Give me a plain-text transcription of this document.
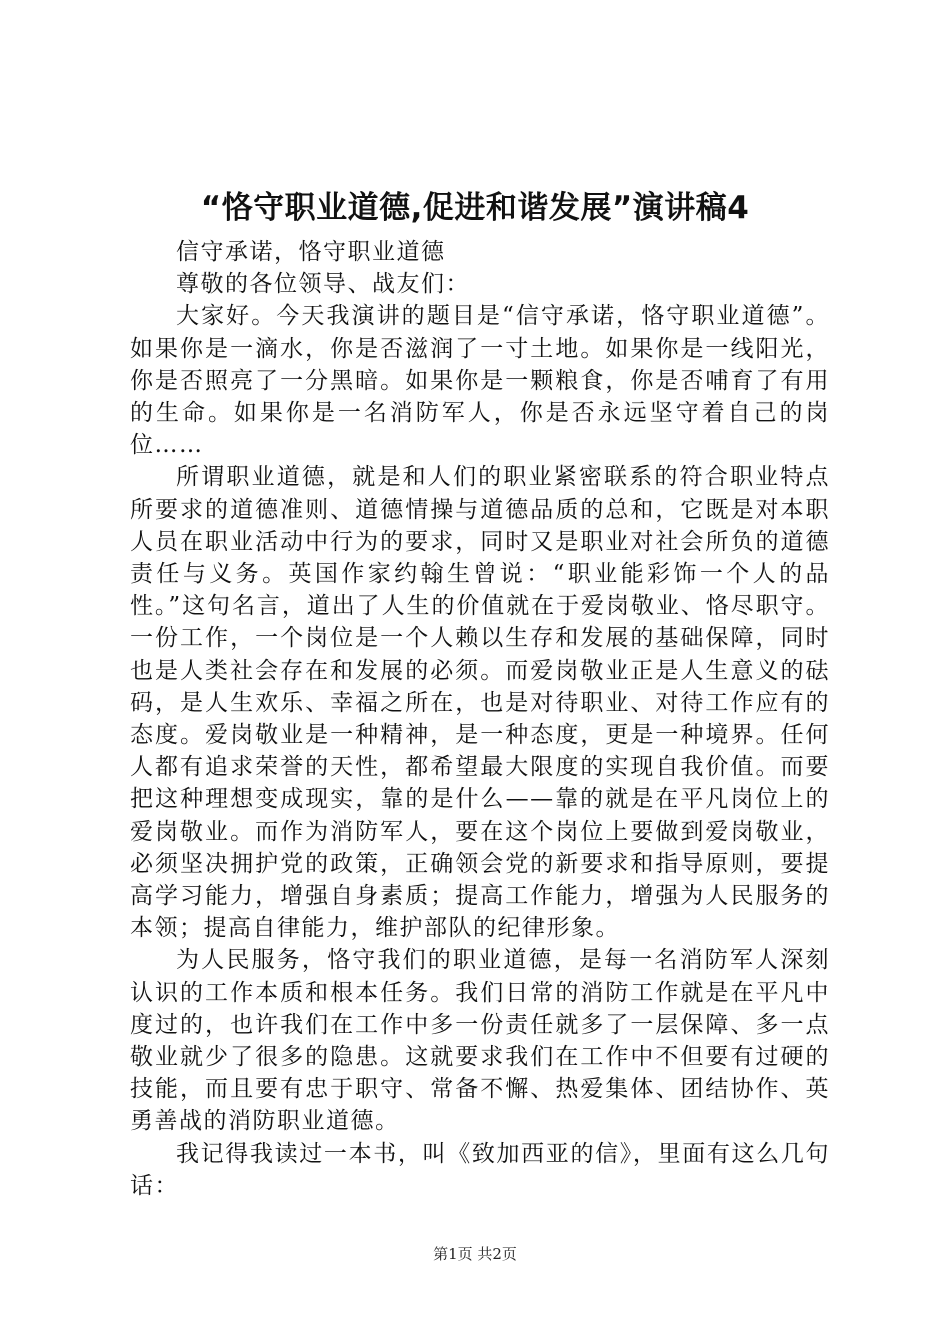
“恪守职业道德,促进和谐发展”演讲稿4

信守承诺，恪守职业道德

尊敬的各位领导、战友们：

大家好。今天我演讲的题目是“信守承诺，恪守职业道德”。如果你是一滴水，你是否滋润了一寸土地。如果你是一线阳光，你是否照亮了一分黑暗。如果你是一颗粮食，你是否哺育了有用的生命。如果你是一名消防军人，你是否永远坚守着自己的岗位……

所谓职业道德，就是和人们的职业紧密联系的符合职业特点所要求的道德准则、道德情操与道德品质的总和，它既是对本职人员在职业活动中行为的要求，同时又是职业对社会所负的道德责任与义务。英国作家约翰生曾说：“职业能彩饰一个人的品性。”这句名言，道出了人生的价值就在于爱岗敬业、恪尽职守。一份工作，一个岗位是一个人赖以生存和发展的基础保障，同时也是人类社会存在和发展的必须。而爱岗敬业正是人生意义的砝码，是人生欢乐、幸福之所在，也是对待职业、对待工作应有的态度。爱岗敬业是一种精神，是一种态度，更是一种境界。任何人都有追求荣誉的天性，都希望最大限度的实现自我价值。而要把这种理想变成现实，靠的是什么——靠的就是在平凡岗位上的爱岗敬业。而作为消防军人，要在这个岗位上要做到爱岗敬业，必须坚决拥护党的政策，正确领会党的新要求和指导原则，要提高学习能力，增强自身素质；提高工作能力，增强为人民服务的本领；提高自律能力，维护部队的纪律形象。

为人民服务，恪守我们的职业道德，是每一名消防军人深刻认识的工作本质和根本任务。我们日常的消防工作就是在平凡中度过的，也许我们在工作中多一份责任就多了一层保障、多一点敬业就少了很多的隐患。这就要求我们在工作中不但要有过硬的技能，而且要有忠于职守、常备不懈、热爱集体、团结协作、英勇善战的消防职业道德。

我记得我读过一本书，叫《致加西亚的信》，里面有这么几句话：

第1页 共2页
